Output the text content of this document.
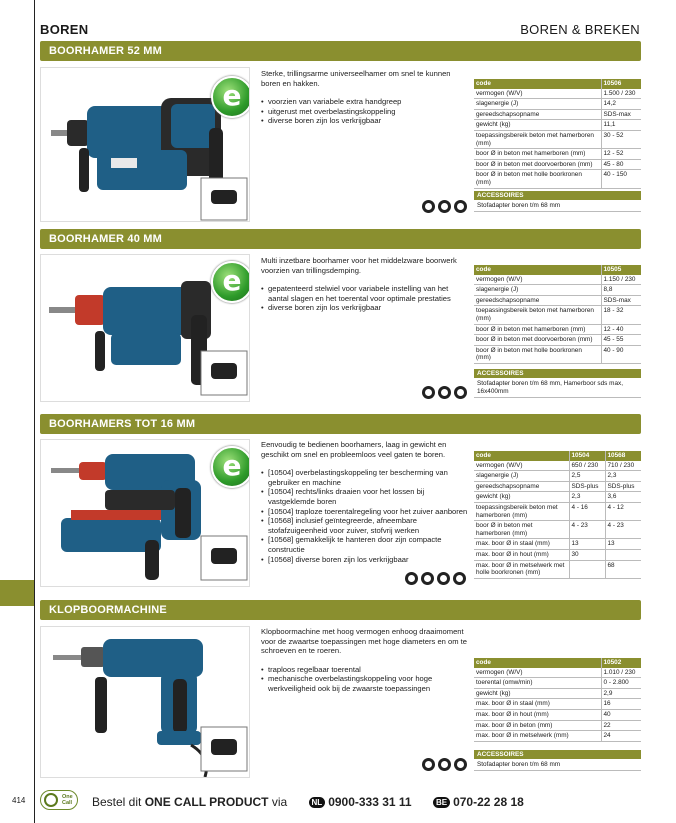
BOREN	BOREN & BREKEN
BOORHAMER 52 MM
e

Sterke, trillingsarme universeelhamer om snel te kunnen boren en hakken.

• voorzien van variabele extra handgreep
• uitgerust met overbelastingskoppeling
• diverse boren zijn los verkrijgbaar
code	10506
vermogen (W/V)	1.500 / 230
slagenergie (J)	14,2
gereedschapsopname	SDS-max
gewicht (kg)	11,1
toepassingsbereik beton met hamerboren (mm)	30 - 52
boor Ø in beton met hamerboren (mm)	12 - 52
boor Ø in beton met doorvoerboren (mm)	45 - 80
boor Ø in beton met holle boorkronen (mm)	40 - 150
ACCESSOIRES
Stofadapter boren t/m 68 mm
BOORHAMER 40 MM
e

Multi inzetbare boorhamer voor het middelzware boorwerk voorzien van trillingsdemping.

• gepatenteerd stelwiel voor variabele instelling van het aantal slagen en het toerental voor optimale prestaties
• diverse boren zijn los verkrijgbaar
code	10505
vermogen (W/V)	1.150 / 230
slagenergie (J)	8,8
gereedschapsopname	SDS-max
toepassingsbereik beton met hamerboren (mm)	18 - 32
boor Ø in beton met hamerboren (mm)	12 - 40
boor Ø in beton met doorvoerboren (mm)	45 - 55
boor Ø in beton met holle boorkronen (mm)	40 - 90
ACCESSOIRES
Stofadapter boren t/m 68 mm, Hamerboor sds max, 16x400mm
BOORHAMERS TOT 16 MM
e

Eenvoudig te bedienen boorhamers, laag in gewicht en geschikt om snel en probleemloos veel gaten te boren.

• [10504] overbelastingskoppeling ter bescherming van gebruiker en machine
• [10504] rechts/links draaien voor het lossen bij vastgeklemde boren
• [10504] traploze toerentalregeling voor het zuiver aanboren
• [10568] inclusief geïntegreerde, afneembare stofafzuigeenheid voor zuiver, stofvrij werken
• [10568] gemakkelijk te hanteren door zijn compacte constructie
• [10568] diverse boren zijn los verkrijgbaar
code	10504	10568
vermogen (W/V)	650 / 230	710 / 230
slagenergie (J)	2,5	2,3
gereedschapsopname	SDS-plus	SDS-plus
gewicht (kg)	2,3	3,6
toepassingsbereik beton met hamerboren (mm)	4 - 16	4 - 12
boor Ø in beton met hamerboren (mm)	4 - 23	4 - 23
max. boor Ø in staal (mm)	13	13
max. boor Ø in hout (mm)	30	
max. boor Ø in metselwerk met holle boorkronen (mm)		68
KLOPBOORMACHINE

Klopboormachine met hoog vermogen enhoog draaimoment voor de zwaartse toepassingen met hoge diameters en om te schroeven en te roeren.

• traploos regelbaar toerental
• mechanische overbelastingskoppeling voor hoge werkveiligheid ook bij de zwaarste toepassingen
code	10502
vermogen (W/V)	1.010 / 230
toerental (omw/min)	0 - 2.800
gewicht (kg)	2,9
max. boor Ø in staal (mm)	16
max. boor Ø in hout (mm)	40
max. boor Ø in beton (mm)	22
max. boor Ø in metselwerk (mm)	24
ACCESSOIRES
Stofadapter boren t/m 68 mm
414	One
Call	Bestel dit ONE CALL PRODUCT via	NL 0900-333 31 11	BE 070-22 28 18
